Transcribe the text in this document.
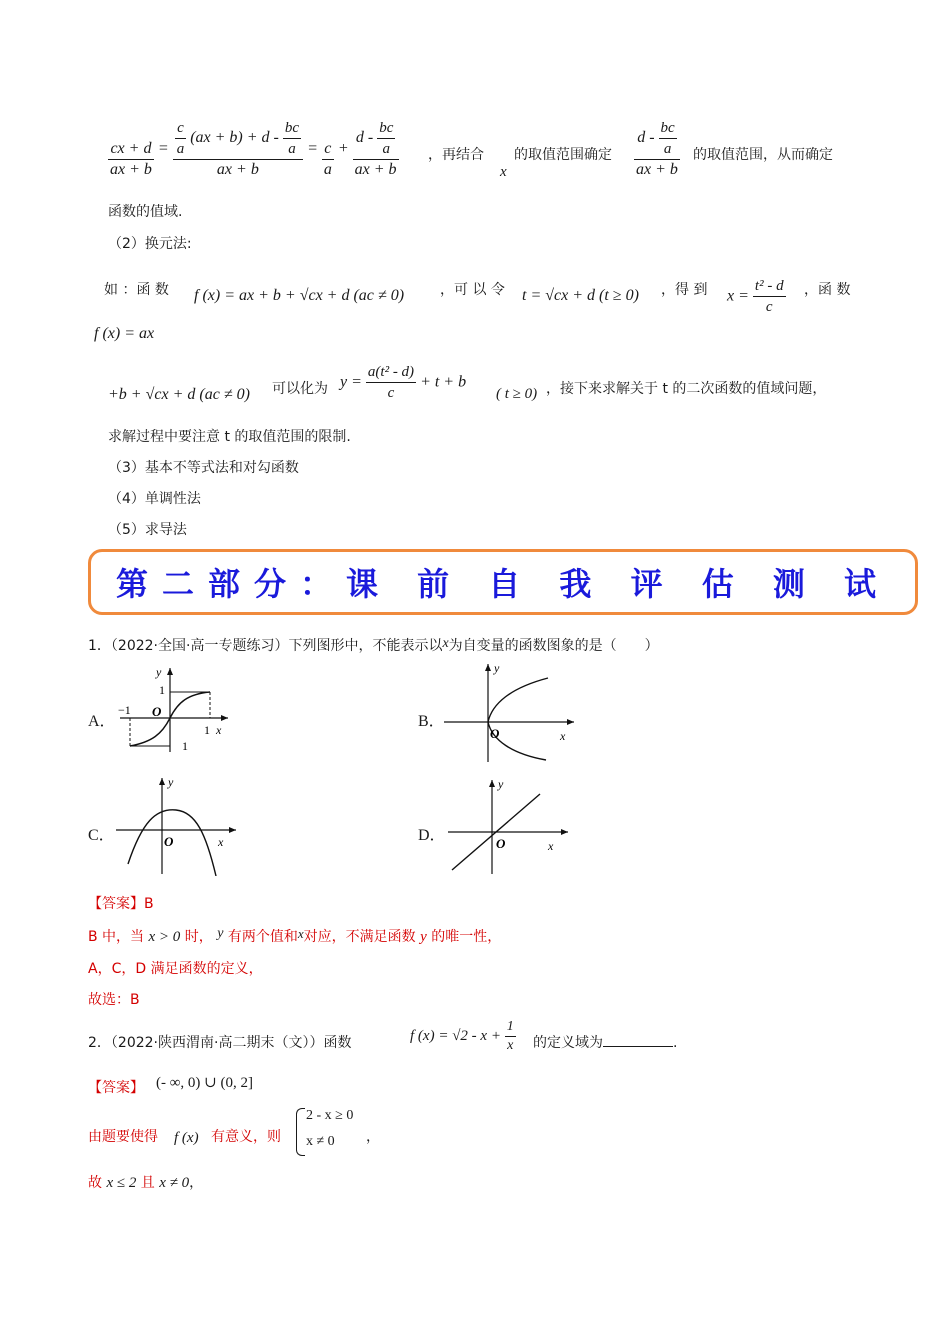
$\frac{cx + d}{ax + b} = \frac{\frac{c}{a} (ax + b) + d - \frac{bc}{a}}{ax + b} = \frac{c}{a} + \frac{d - \frac{bc}{a}}{ax + b}$ ，再结合
x
的取值范围确定 $\frac{d - \frac{bc}{a}}{ax + b}$ 的取值范围，从而确定
函数的值域.
（2）换元法:
如 ：函 数 f (x) = ax + b + √cx + d (ac ≠ 0)	，可 以 令 t = √cx + d (t ≥ 0) ，得 到 $x = \frac{\text{t² - d}}{c}$ ，函 数
f (x) = ax
+b + √cx + d (ac ≠ 0) 可以化为 $y = \frac{\text{a(t² - d)}}{c} + t + b$
( t ≥ 0) ，接下来求解关于 t 的二次函数的值域问题，
求解过程中要注意 t 的取值范围的限制.
（3）基本不等式法和对勾函数
（4）单调性法
（5）求导法
第二部分：课 前 自 我 评 估 测 试
1．（2022·全国·高一专题练习）下列图形中，不能表示以x为自变量的函数图象的是（　　）
A．
y
1
−1 O
1 x
1
B．
y
O	x
C．
y
O	x	D．
y
O	x
【答案】B
B 中，当 x > 0 时， y 有两个值和x对应，不满足函数 y 的唯一性，
A，C，D 满足函数的定义，
故选：B
2．（2022·陕西渭南·高二期末（文））函数	f $(x) = √2 - x + \frac{1}{x}$ 的定义域为	.
【答案】 (- ∞, 0) ∪ (0, 2]
由题要使得 f (x) 有意义，则
2 - x ≥ 0
x ≠ 0 ，
故 x ≤ 2 且 x ≠ 0，
